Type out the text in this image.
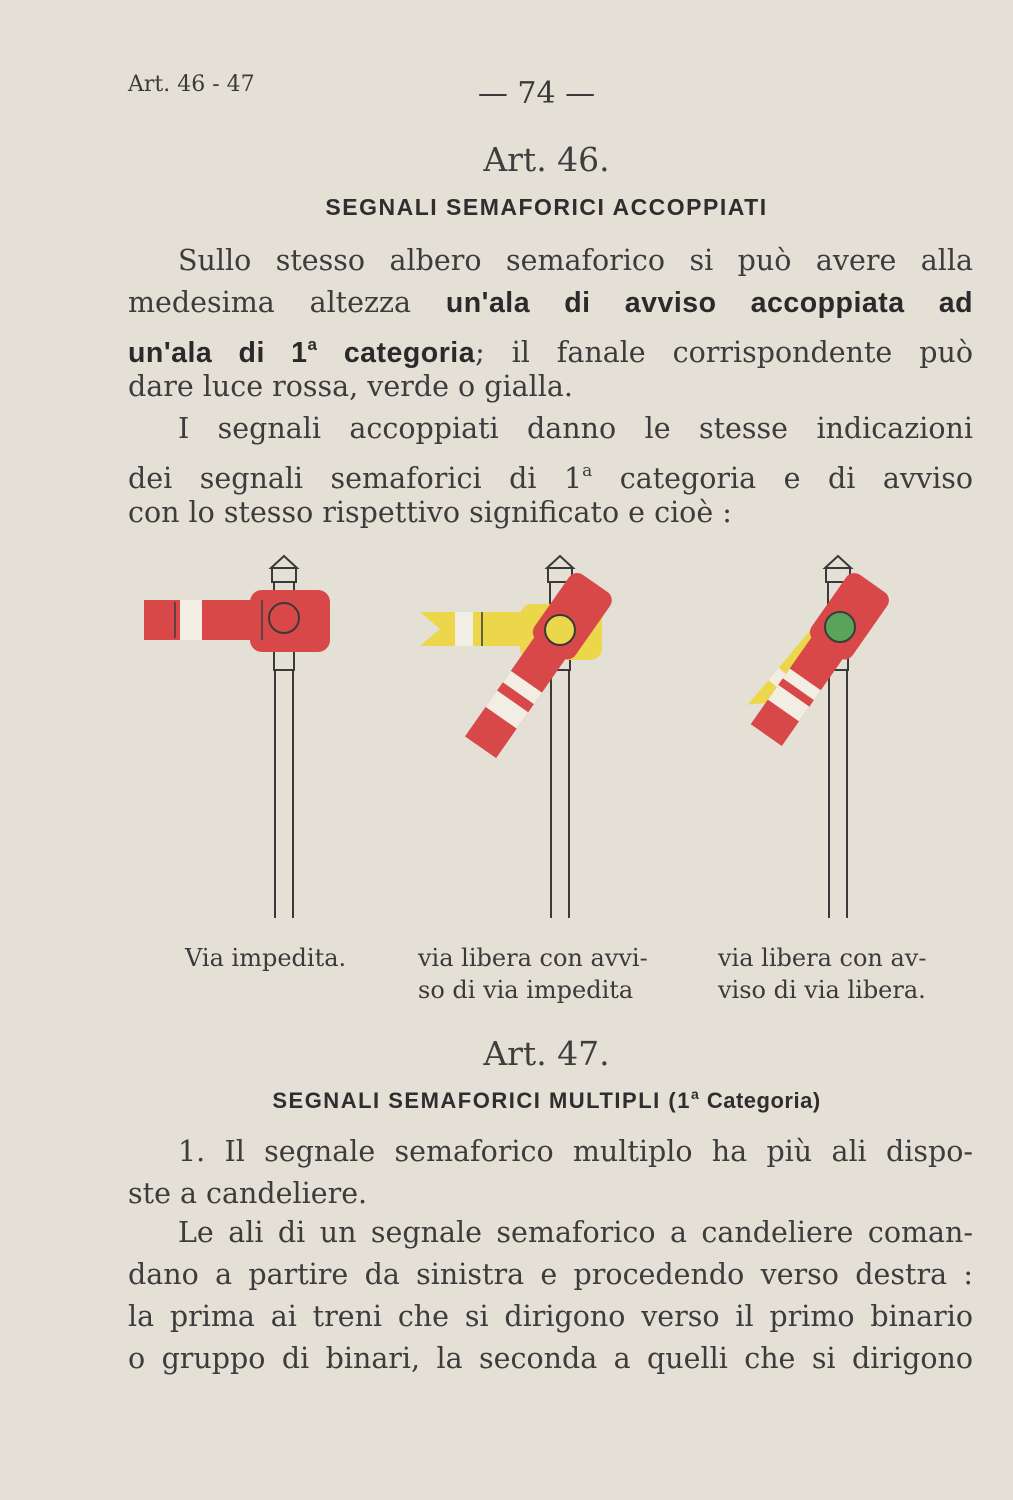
Art. 46 - 47	— 74 —
Art. 46.
SEGNALI SEMAFORICI ACCOPPIATI
Sullo stesso albero semaforico si può avere alla
medesima altezza un'ala di avviso accoppiata ad
un'ala di 1$^a$ categoria; il fanale corrispondente può
dare luce rossa, verde o gialla.
I segnali accoppiati danno le stesse indicazioni
dei segnali semaforici di 1$^a$ categoria e di avviso
con lo stesso rispettivo significato e cioè :
Via impedita.	via libera con avvi-
so di via impedita
via libera con av-
viso di via libera.
Art. 47.
SEGNALI SEMAFORICI MULTIPLI (1$^a$ Categoria)
1. Il segnale semaforico multiplo ha più ali dispo-
ste a candeliere.
Le ali di un segnale semaforico a candeliere coman-
dano a partire da sinistra e procedendo verso destra :
la prima ai treni che si dirigono verso il primo binario
o gruppo di binari, la seconda a quelli che si dirigono
